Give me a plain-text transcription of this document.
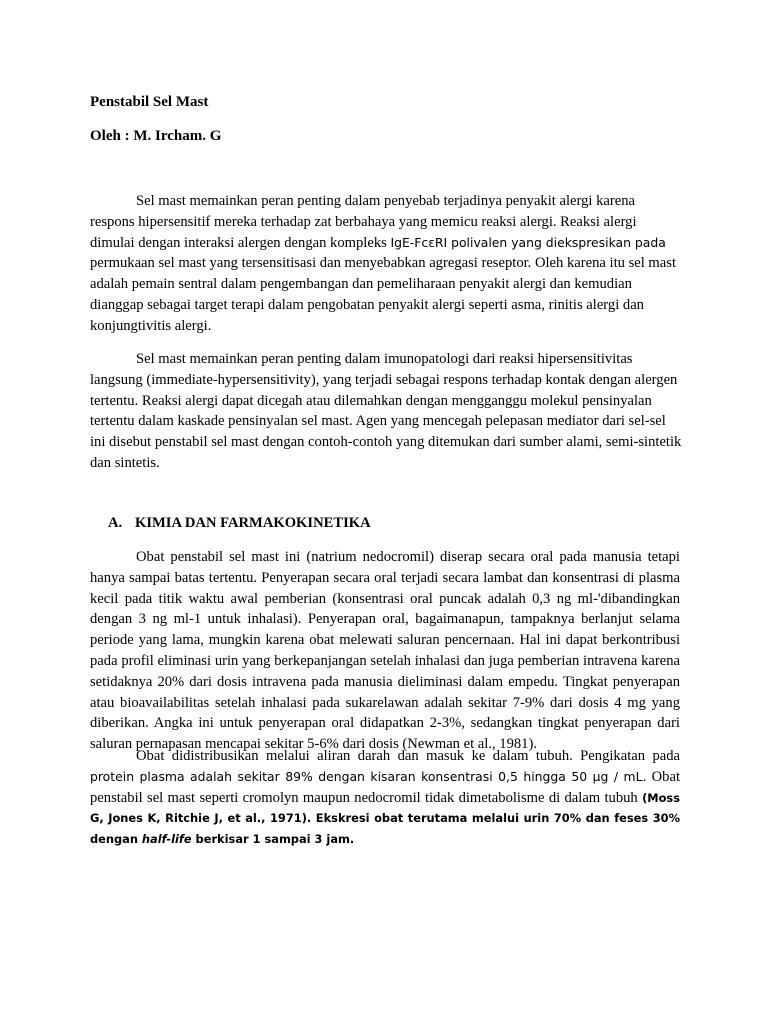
Penstabil Sel Mast

Oleh : M. Ircham. G

Sel mast memainkan peran penting dalam penyebab terjadinya penyakit alergi karena respons hipersensitif mereka terhadap zat berbahaya yang memicu reaksi alergi. Reaksi alergi dimulai dengan interaksi alergen dengan kompleks IgE-FcεRI polivalen yang diekspresikan pada permukaan sel mast yang tersensitisasi dan menyebabkan agregasi reseptor. Oleh karena itu sel mast adalah pemain sentral dalam pengembangan dan pemeliharaan penyakit alergi dan kemudian dianggap sebagai target terapi dalam pengobatan penyakit alergi seperti asma, rinitis alergi dan konjungtivitis alergi.

Sel mast memainkan peran penting dalam imunopatologi dari reaksi hipersensitivitas langsung (immediate-hypersensitivity), yang terjadi sebagai respons terhadap kontak dengan alergen tertentu. Reaksi alergi dapat dicegah atau dilemahkan dengan mengganggu molekul pensinyalan tertentu dalam kaskade pensinyalan sel mast. Agen yang mencegah pelepasan mediator dari sel-sel ini disebut penstabil sel mast dengan contoh-contoh yang ditemukan dari sumber alami, semi-sintetik dan sintetis.

A. KIMIA DAN FARMAKOKINETIKA

Obat penstabil sel mast ini (natrium nedocromil) diserap secara oral pada manusia tetapi hanya sampai batas tertentu. Penyerapan secara oral terjadi secara lambat dan konsentrasi di plasma kecil pada titik waktu awal pemberian (konsentrasi oral puncak adalah 0,3 ng ml-'dibandingkan dengan 3 ng ml-1 untuk inhalasi). Penyerapan oral, bagaimanapun, tampaknya berlanjut selama periode yang lama, mungkin karena obat melewati saluran pencernaan. Hal ini dapat berkontribusi pada profil eliminasi urin yang berkepanjangan setelah inhalasi dan juga pemberian intravena karena setidaknya 20% dari dosis intravena pada manusia dieliminasi dalam empedu. Tingkat penyerapan atau bioavailabilitas setelah inhalasi pada sukarelawan adalah sekitar 7-9% dari dosis 4 mg yang diberikan. Angka ini untuk penyerapan oral didapatkan 2-3%, sedangkan tingkat penyerapan dari saluran pernapasan mencapai sekitar 5-6% dari dosis (Newman et al., 1981).

Obat didistribusikan melalui aliran darah dan masuk ke dalam tubuh. Pengikatan pada protein plasma adalah sekitar 89% dengan kisaran konsentrasi 0,5 hingga 50 μg / mL. Obat penstabil sel mast seperti cromolyn maupun nedocromil tidak dimetabolisme di dalam tubuh (Moss G, Jones K, Ritchie J, et al., 1971). Ekskresi obat terutama melalui urin 70% dan feses 30% dengan half-life berkisar 1 sampai 3 jam.
